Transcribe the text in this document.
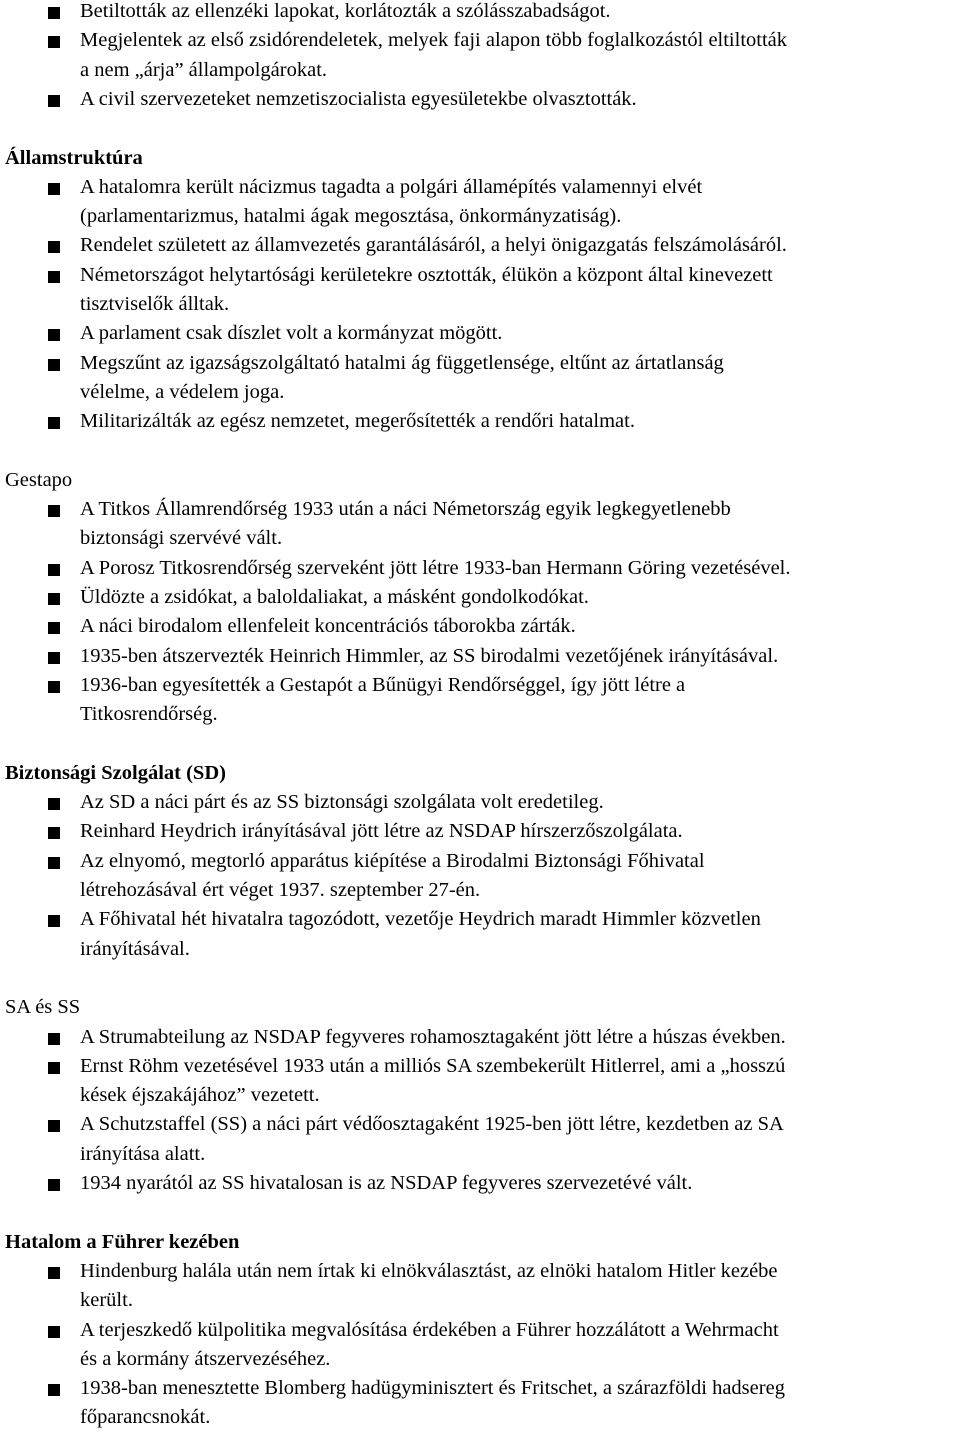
Betiltották az ellenzéki lapokat, korlátozták a szólásszabadságot.
Megjelentek az első zsidórendeletek, melyek faji alapon több foglalkozástól eltiltották
a nem „árja” állampolgárokat.
A civil szervezeteket nemzetiszocialista egyesületekbe olvasztották.
Államstruktúra
A hatalomra került nácizmus tagadta a polgári államépítés valamennyi elvét
(parlamentarizmus, hatalmi ágak megosztása, önkormányzatiság).
Rendelet született az államvezetés garantálásáról, a helyi önigazgatás felszámolásáról.
Németországot helytartósági kerületekre osztották, élükön a központ által kinevezett
tisztviselők álltak.
A parlament csak díszlet volt a kormányzat mögött.
Megszűnt az igazságszolgáltató hatalmi ág függetlensége, eltűnt az ártatlanság
vélelme, a védelem joga.
Militarizálták az egész nemzetet, megerősítették a rendőri hatalmat.
Gestapo
A Titkos Államrendőrség 1933 után a náci Németország egyik legkegyetlenebb
biztonsági szervévé vált.
A Porosz Titkosrendőrség szerveként jött létre 1933-ban Hermann Göring vezetésével.
Üldözte a zsidókat, a baloldaliakat, a másként gondolkodókat.
A náci birodalom ellenfeleit koncentrációs táborokba zárták.
1935-ben átszervezték Heinrich Himmler, az SS birodalmi vezetőjének irányításával.
1936-ban egyesítették a Gestapót a Bűnügyi Rendőrséggel, így jött létre a
Titkosrendőrség.
Biztonsági Szolgálat (SD)
Az SD a náci párt és az SS biztonsági szolgálata volt eredetileg.
Reinhard Heydrich irányításával jött létre az NSDAP hírszerzőszolgálata.
Az elnyomó, megtorló apparátus kiépítése a Birodalmi Biztonsági Főhivatal
létrehozásával ért véget 1937. szeptember 27-én.
A Főhivatal hét hivatalra tagozódott, vezetője Heydrich maradt Himmler közvetlen
irányításával.
SA és SS
A Strumabteilung az NSDAP fegyveres rohamosztagaként jött létre a húszas években.
Ernst Röhm vezetésével 1933 után a milliós SA szembekerült Hitlerrel, ami a „hosszú
kések éjszakájához” vezetett.
A Schutzstaffel (SS) a náci párt védőosztagaként 1925-ben jött létre, kezdetben az SA
irányítása alatt.
1934 nyarától az SS hivatalosan is az NSDAP fegyveres szervezetévé vált.
Hatalom a Führer kezében
Hindenburg halála után nem írtak ki elnökválasztást, az elnöki hatalom Hitler kezébe
került.
A terjeszkedő külpolitika megvalósítása érdekében a Führer hozzálátott a Wehrmacht
és a kormány átszervezéséhez.
1938-ban menesztette Blomberg hadügyminisztert és Fritschet, a szárazföldi hadsereg
főparancsnokát.
